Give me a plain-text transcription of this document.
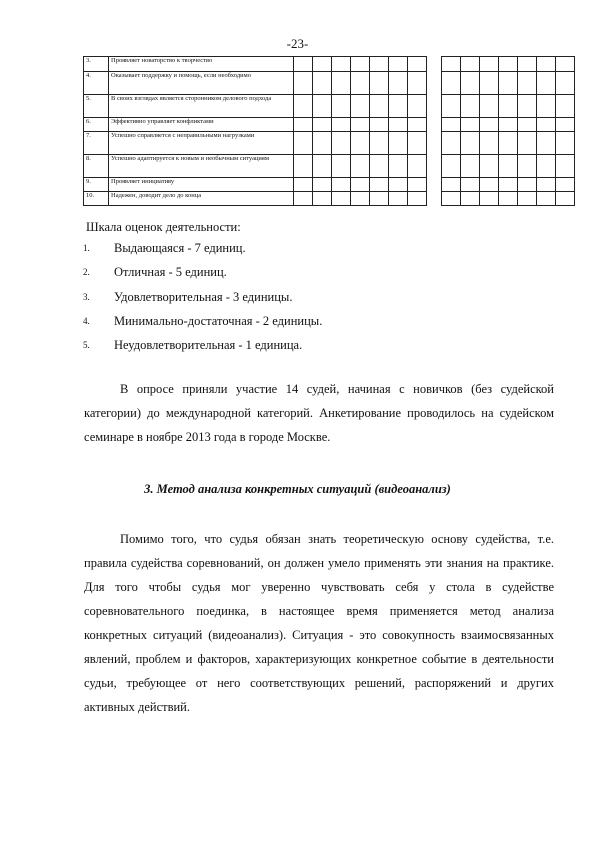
-23-
3.	Проявляет новаторство к творчество															
4.	Оказывает поддержку и помощь, если необходимо															
5.	В своих взглядах является сторонником делового подхода															
6.	Эффективно управляет конфликтами															
7.	Успешно справляется с неправильными нагрузками															
8.	Успешно адаптируется к новым и необычным ситуациям															
9.	Проявляет инициативу															
10.	Надежен, доводит дело до конца															
Шкала оценок деятельности:
1. Выдающаяся - 7 единиц.
2. Отличная - 5 единиц.
3. Удовлетворительная - 3 единицы.
4. Минимально-достаточная - 2 единицы.
5. Неудовлетворительная - 1 единица.

В опросе приняли участие 14 судей, начиная с новичков (без судейской категории) до международной категорий. Анкетирование проводилось на судейском семинаре в ноябре 2013 года в городе Москве.

3. Метод анализа конкретных ситуаций (видеоанализ)

Помимо того, что судья обязан знать теоретическую основу судейства, т.е. правила судейства соревнований, он должен умело применять эти знания на практике. Для того чтобы судья мог уверенно чувствовать себя у стола в судействе соревновательного поединка, в настоящее время применяется метод анализа конкретных ситуаций (видеоанализ). Ситуация - это совокупность взаимосвязанных явлений, проблем и факторов, характеризующих конкретное событие в деятельности судьи, требующее от него соответствующих решений, распоряжений и других активных действий.
